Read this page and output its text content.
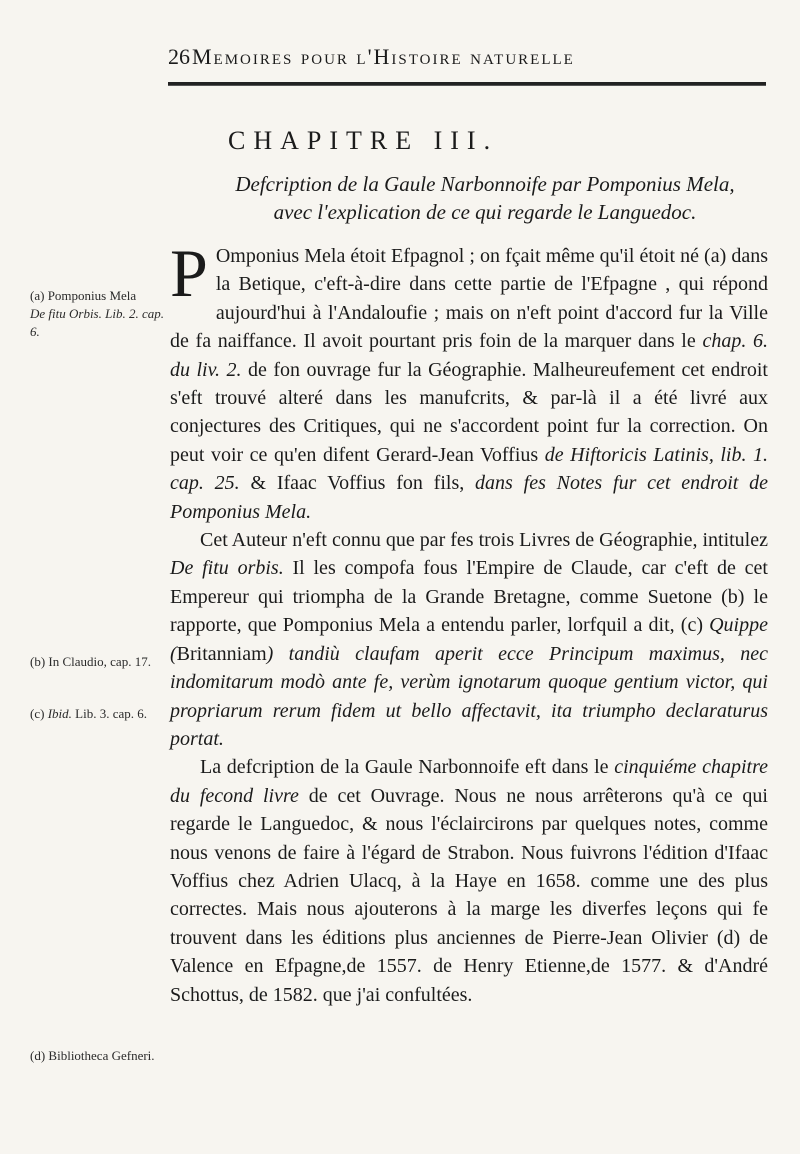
26Memoires pour l'Histoire naturelle
CHAPITRE III.
Defcription de la Gaule Narbonnoife par Pomponius Mela,
avec l'explication de ce qui regarde le Languedoc.

P Omponius Mela étoit Efpagnol ; on fçait même qu'il étoit né (a) dans la Betique, c'eft-à-dire dans cette partie de l'Efpagne , qui répond aujourd'hui à l'Andaloufie ; mais on n'eft point d'accord fur la Ville de fa naiffance. Il avoit pourtant pris foin de la marquer dans le chap. 6. du liv. 2. de fon ouvrage fur la Géographie. Malheureufement cet endroit s'eft trouvé alteré dans les manufcrits, & par-là il a été livré aux conjectures des Critiques, qui ne s'accordent point fur la correction. On peut voir ce qu'en difent Gerard-Jean Voffius de Hiftoricis Latinis, lib. 1. cap. 25. & Ifaac Voffius fon fils, dans fes Notes fur cet endroit de Pomponius Mela.

Cet Auteur n'eft connu que par fes trois Livres de Géographie, intitulez De fitu orbis. Il les compofa fous l'Empire de Claude, car c'eft de cet Empereur qui triompha de la Grande Bretagne, comme Suetone (b) le rapporte, que Pomponius Mela a entendu parler, lorfquil a dit, (c) Quippe (Britanniam) tandiù claufam aperit ecce Principum maximus, nec indomitarum modò ante fe, verùm ignotarum quoque gentium victor, qui propriarum rerum fidem ut bello affectavit, ita triumpho declaraturus portat.

La defcription de la Gaule Narbonnoife eft dans le cinquiéme chapitre du fecond livre de cet Ouvrage. Nous ne nous arrêterons qu'à ce qui regarde le Languedoc, & nous l'éclaircirons par quelques notes, comme nous venons de faire à l'égard de Strabon. Nous fuivrons l'édition d'Ifaac Voffius chez Adrien Ulacq, à la Haye en 1658. comme une des plus correctes. Mais nous ajouterons à la marge les diverfes leçons qui fe trouvent dans les éditions plus anciennes de Pierre-Jean Olivier (d) de Valence en Efpagne,de 1557. de Henry Etienne,de 1577. & d'André Schottus, de 1582. que j'ai confultées.

(a) Pomponius Mela
De fitu Orbis. Lib. 2. cap. 6.
(b) In Claudio, cap. 17.
(c) Ibid. Lib. 3. cap. 6.
(d) Bibliotheca Gefneri.
